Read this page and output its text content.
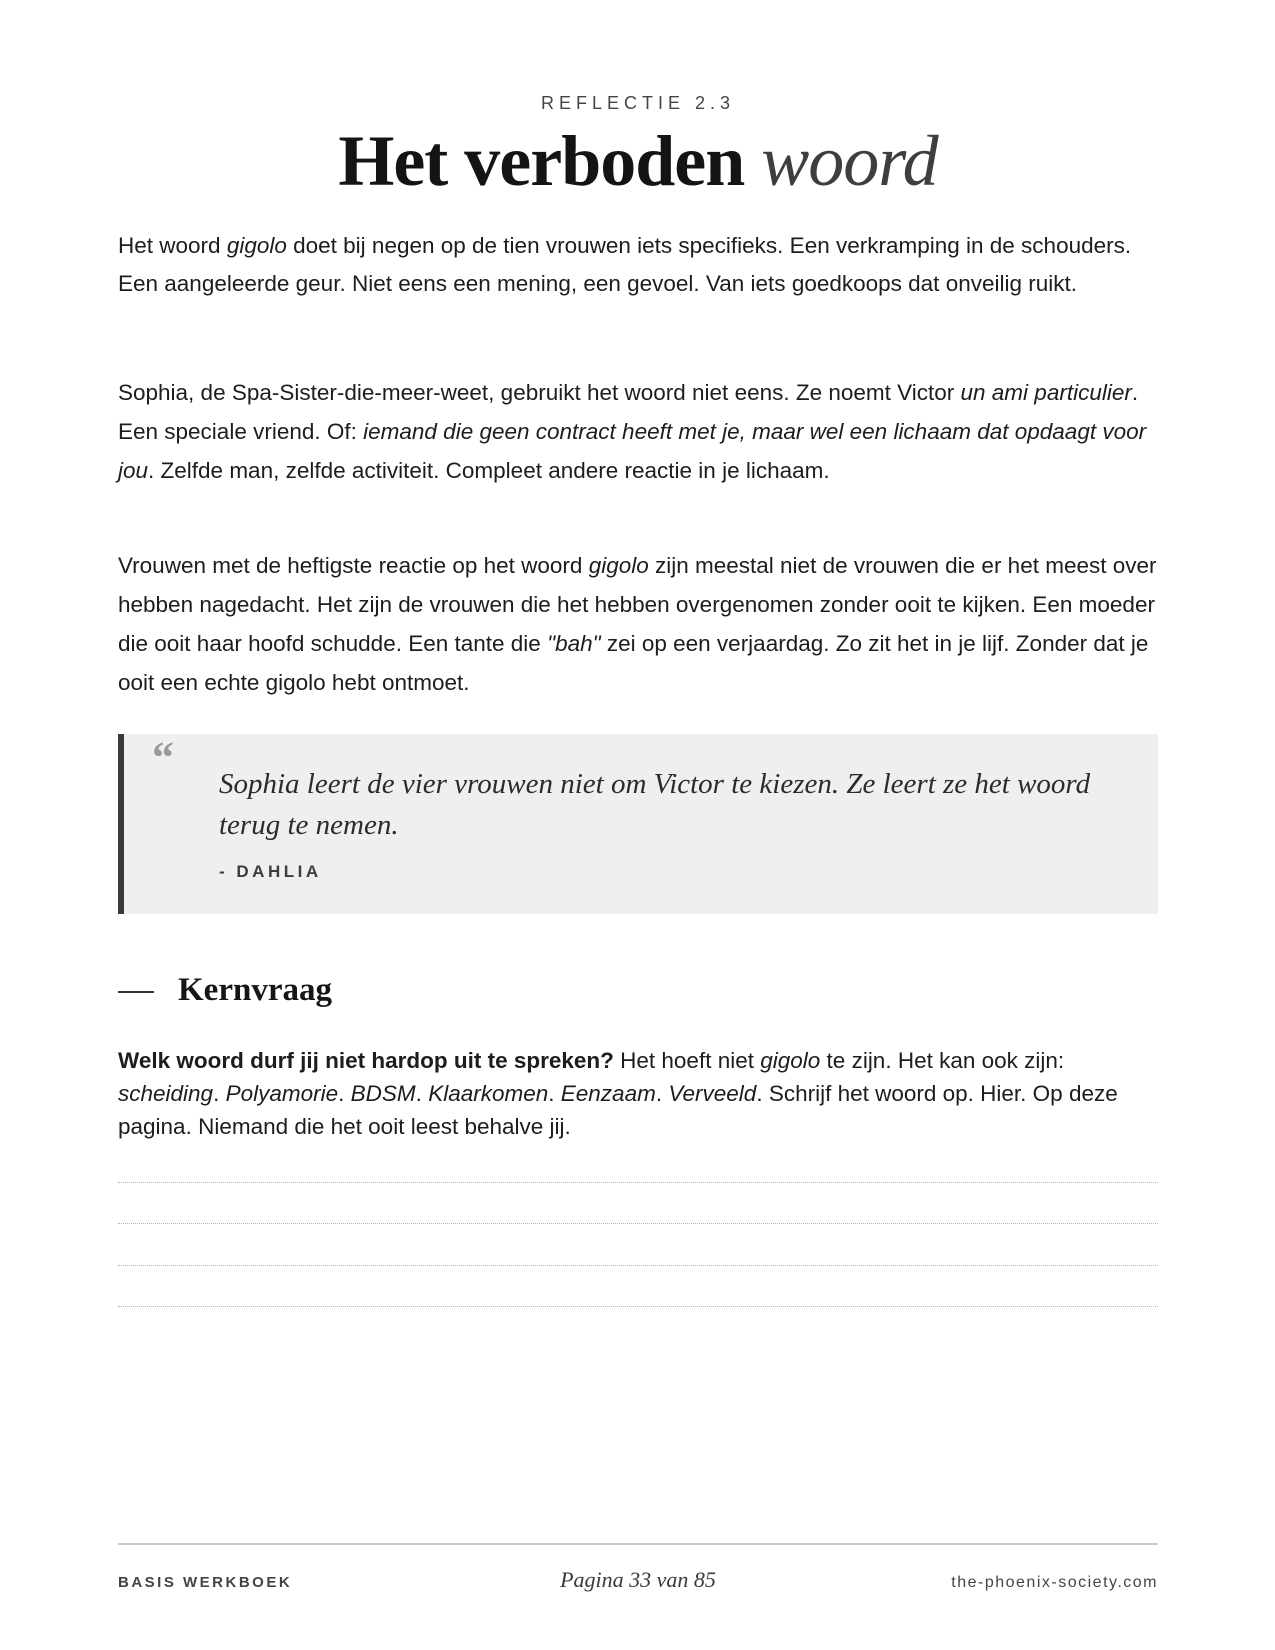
REFLECTIE 2.3
Het verboden woord

Het woord gigolo doet bij negen op de tien vrouwen iets specifieks. Een verkramping in de schouders. Een aangeleerde geur. Niet eens een mening, een gevoel. Van iets goedkoops dat onveilig ruikt.

Sophia, de Spa-Sister-die-meer-weet, gebruikt het woord niet eens. Ze noemt Victor un ami particulier. Een speciale vriend. Of: iemand die geen contract heeft met je, maar wel een lichaam dat opdaagt voor jou. Zelfde man, zelfde activiteit. Compleet andere reactie in je lichaam.

Vrouwen met de heftigste reactie op het woord gigolo zijn meestal niet de vrouwen die er het meest over hebben nagedacht. Het zijn de vrouwen die het hebben overgenomen zonder ooit te kijken. Een moeder die ooit haar hoofd schudde. Een tante die "bah" zei op een verjaardag. Zo zit het in je lijf. Zonder dat je ooit een echte gigolo hebt ontmoet.

“
Sophia leert de vier vrouwen niet om Victor te kiezen. Ze leert ze het woord terug te nemen.
- DAHLIA
Kernvraag

Welk woord durf jij niet hardop uit te spreken? Het hoeft niet gigolo te zijn. Het kan ook zijn: scheiding. Polyamorie. BDSM. Klaarkomen. Eenzaam. Verveeld. Schrijf het woord op. Hier. Op deze pagina. Niemand die het ooit leest behalve jij.

BASIS WERKBOEK	Pagina 33 van 85	the-phoenix-society.com
